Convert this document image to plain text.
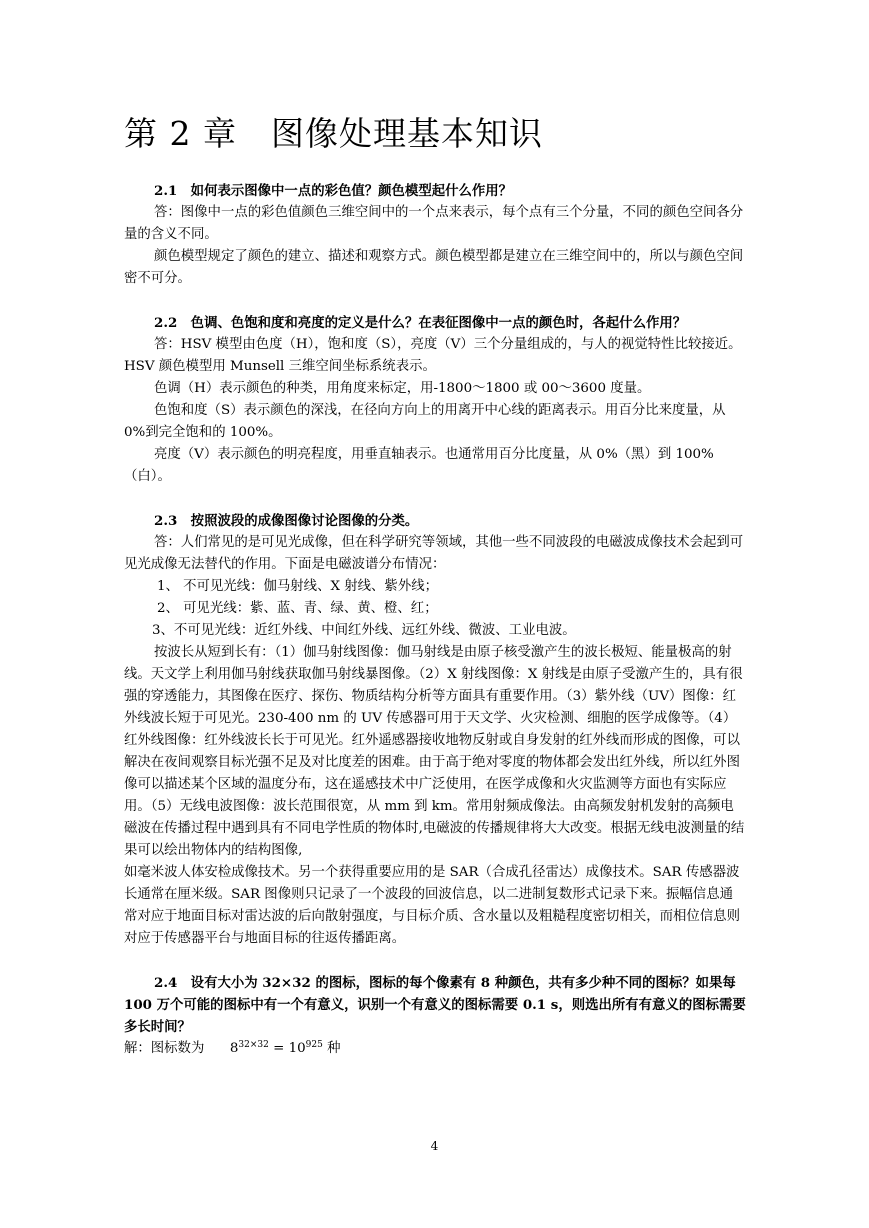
第 2 章　图像处理基本知识

2.1　如何表示图像中一点的彩色值？颜色模型起什么作用？

答：图像中一点的彩色值颜色三维空间中的一个点来表示，每个点有三个分量，不同的颜色空间各分量的含义不同。

颜色模型规定了颜色的建立、描述和观察方式。颜色模型都是建立在三维空间中的，所以与颜色空间密不可分。

2.2　色调、色饱和度和亮度的定义是什么？在表征图像中一点的颜色时，各起什么作用？

答：HSV 模型由色度（H），饱和度（S），亮度（V）三个分量组成的，与人的视觉特性比较接近。HSV 颜色模型用 Munsell 三维空间坐标系统表示。

色调（H）表示颜色的种类，用角度来标定，用-1800～1800 或 00～3600 度量。

色饱和度（S）表示颜色的深浅，在径向方向上的用离开中心线的距离表示。用百分比来度量，从 0%到完全饱和的 100%。

亮度（V）表示颜色的明亮程度，用垂直轴表示。也通常用百分比度量，从 0%（黑）到 100%（白）。

2.3　按照波段的成像图像讨论图像的分类。

答：人们常见的是可见光成像，但在科学研究等领域，其他一些不同波段的电磁波成像技术会起到可见光成像无法替代的作用。下面是电磁波谱分布情况：

1、 不可见光线：伽马射线、X 射线、紫外线；

2、 可见光线：紫、蓝、青、绿、黄、橙、红；

3、不可见光线：近红外线、中间红外线、远红外线、微波、工业电波。

按波长从短到长有：（1）伽马射线图像：伽马射线是由原子核受激产生的波长极短、能量极高的射线。天文学上利用伽马射线获取伽马射线暴图像。（2）X 射线图像：X 射线是由原子受激产生的，具有很强的穿透能力，其图像在医疗、探伤、物质结构分析等方面具有重要作用。（3）紫外线（UV）图像：红外线波长短于可见光。230-400 nm 的 UV 传感器可用于天文学、火灾检测、细胞的医学成像等。（4）红外线图像：红外线波长长于可见光。红外遥感器接收地物反射或自身发射的红外线而形成的图像，可以解决在夜间观察目标光强不足及对比度差的困难。由于高于绝对零度的物体都会发出红外线，所以红外图像可以描述某个区域的温度分布，这在遥感技术中广泛使用，在医学成像和火灾监测等方面也有实际应用。（5）无线电波图像：波长范围很宽，从 mm 到 km。常用射频成像法。由高频发射机发射的高频电磁波在传播过程中遇到具有不同电学性质的物体时,电磁波的传播规律将大大改变。根据无线电波测量的结果可以绘出物体内的结构图像,

如毫米波人体安检成像技术。另一个获得重要应用的是 SAR（合成孔径雷达）成像技术。SAR 传感器波长通常在厘米级。SAR 图像则只记录了一个波段的回波信息，以二进制复数形式记录下来。振幅信息通常对应于地面目标对雷达波的后向散射强度，与目标介质、含水量以及粗糙程度密切相关，而相位信息则对应于传感器平台与地面目标的往返传播距离。

2.4　设有大小为 32×32 的图标，图标的每个像素有 8 种颜色，共有多少种不同的图标？如果每 100 万个可能的图标中有一个有意义，识别一个有意义的图标需要 0.1 s，则选出所有有意义的图标需要多长时间？

解：图标数为 $8^{32\times 32} = 10^{925}$ 种

4
